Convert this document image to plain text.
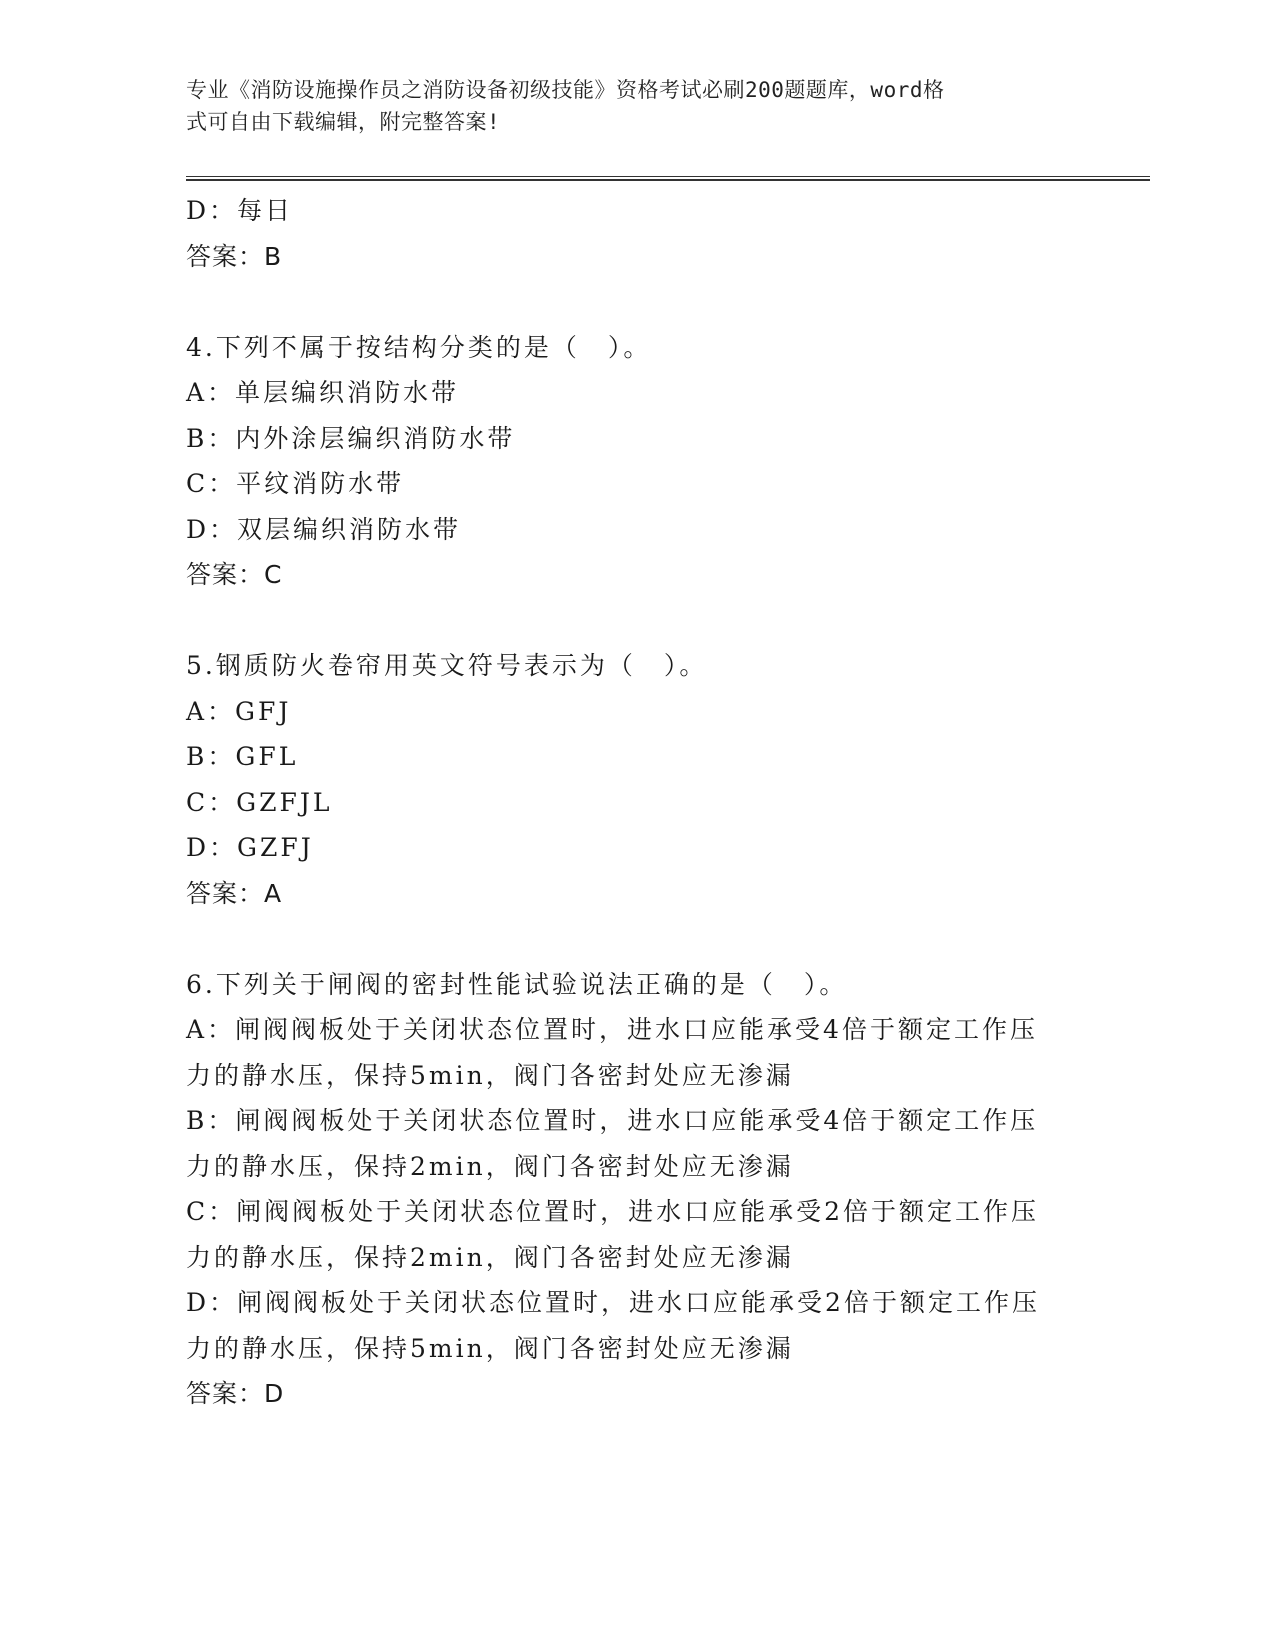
专业《消防设施操作员之消防设备初级技能》资格考试必刷200题题库，word格
式可自由下载编辑，附完整答案!
D：每日
答案：B
4.下列不属于按结构分类的是（　）。
A：单层编织消防水带
B：内外涂层编织消防水带
C：平纹消防水带
D：双层编织消防水带
答案：C
5.钢质防火卷帘用英文符号表示为（　）。
A：GFJ
B：GFL
C：GZFJL
D：GZFJ
答案：A
6.下列关于闸阀的密封性能试验说法正确的是（　）。
A：闸阀阀板处于关闭状态位置时，进水口应能承受4倍于额定工作压
力的静水压，保持5min，阀门各密封处应无渗漏
B：闸阀阀板处于关闭状态位置时，进水口应能承受4倍于额定工作压
力的静水压，保持2min，阀门各密封处应无渗漏
C：闸阀阀板处于关闭状态位置时，进水口应能承受2倍于额定工作压
力的静水压，保持2min，阀门各密封处应无渗漏
D：闸阀阀板处于关闭状态位置时，进水口应能承受2倍于额定工作压
力的静水压，保持5min，阀门各密封处应无渗漏
答案：D
